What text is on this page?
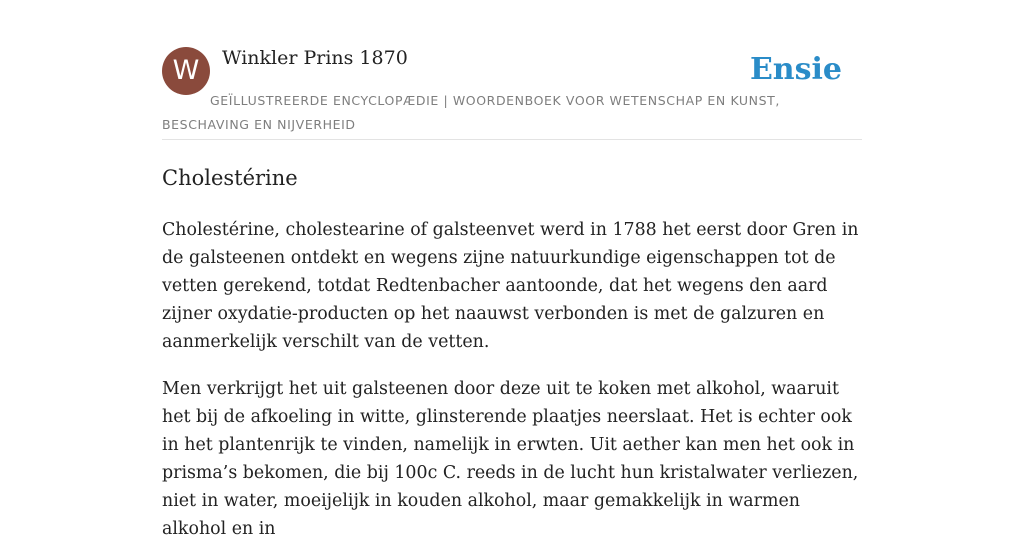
W	Winkler Prins 1870	Ensie
GEÏLLUSTREERDE ENCYCLOPÆDIE | WOORDENBOEK VOOR WETENSCHAP EN KUNST, BESCHAVING EN NIJVERHEID
Cholestérine

Cholestérine, cholestearine of galsteenvet werd in 1788 het eerst door Gren in de galsteenen ontdekt en wegens zijne natuurkundige eigenschappen tot de vetten gerekend, totdat Redtenbacher aantoonde, dat het wegens den aard zijner oxydatie-producten op het naauwst verbonden is met de galzuren en aanmerkelijk verschilt van de vetten.

Men verkrijgt het uit galsteenen door deze uit te koken met alkohol, waaruit het bij de afkoeling in witte, glinsterende plaatjes neerslaat. Het is echter ook in het plantenrijk te vinden, namelijk in erwten. Uit aether kan men het ook in prisma’s bekomen, die bij 100c C. reeds in de lucht hun kristalwater verliezen, niet in water, moeijelijk in kouden alkohol, maar gemakkelijk in warmen alkohol en in
